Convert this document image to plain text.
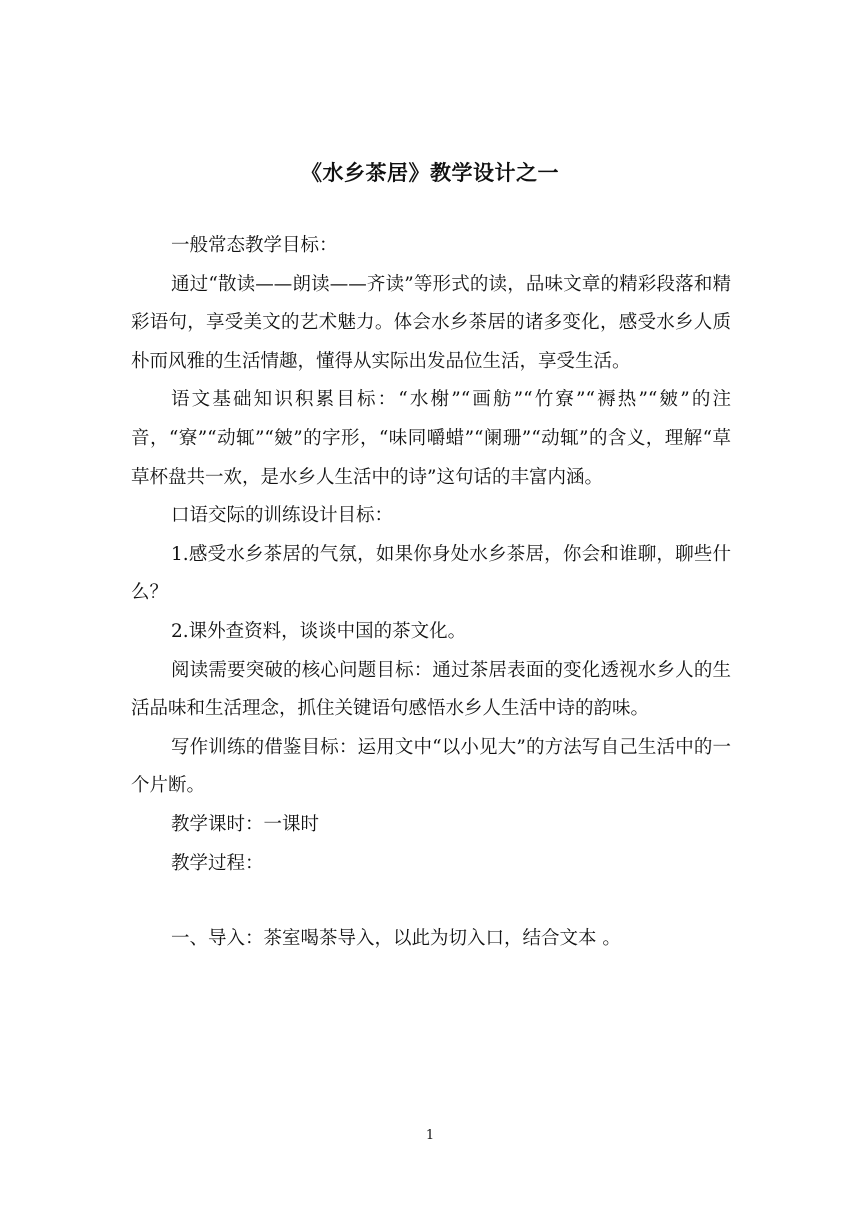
《水乡茶居》教学设计之一

一般常态教学目标：

通过“散读——朗读——齐读”等形式的读，品味文章的精彩段落和精彩语句，享受美文的艺术魅力。体会水乡茶居的诸多变化，感受水乡人质朴而风雅的生活情趣，懂得从实际出发品位生活，享受生活。

语文基础知识积累目标：“水榭”“画舫”“竹寮”“褥热”“皴”的注音，“寮”“动辄”“皴”的字形，“味同嚼蜡”“阑珊”“动辄”的含义，理解“草草杯盘共一欢，是水乡人生活中的诗”这句话的丰富内涵。

口语交际的训练设计目标：

1.感受水乡茶居的气氛，如果你身处水乡茶居，你会和谁聊，聊些什么？

2.课外查资料，谈谈中国的茶文化。

阅读需要突破的核心问题目标：通过茶居表面的变化透视水乡人的生活品味和生活理念，抓住关键语句感悟水乡人生活中诗的韵味。

写作训练的借鉴目标：运用文中“以小见大”的方法写自己生活中的一个片断。

教学课时：一课时

教学过程：

一、导入：茶室喝茶导入，以此为切入口，结合文本 。

1
